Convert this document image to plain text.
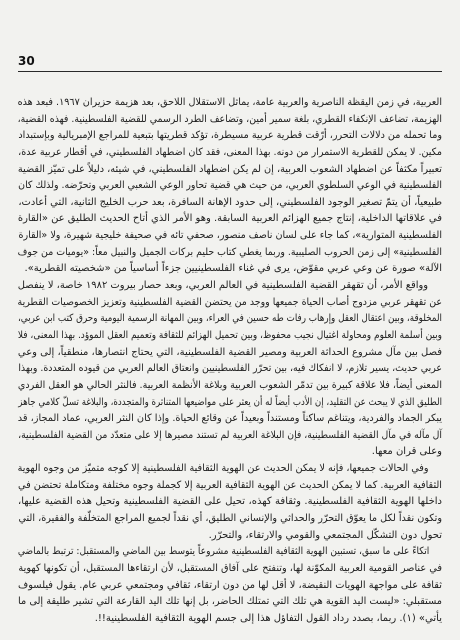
30
العربية، في زمن اليقظة الناصرية والعربية عامة، يماثل الاستقلال اللاحق، بعد هزيمة حزيران ١٩٦٧. فبعد هذه
الهزيمة، تضاعف الإنكفاء القطري، بلغة سمير أمين، وتضاعف الطرد الرسمي للقضية الفلسطينية. فهذه القضية،
وما تحمله من دلالات التحرر، أرّقت قطرية عربية مسيطرة، تؤكد قطريتها بتبعية للمراجع الإمبريالية وبإستبداد
مكين. لا يمكن للقطرية الاستمرار من دونه. بهذا المعنى، فقد كان اضطهاد الفلسطيني، في أقطار عربية عدة،
تعبيراً مكثفاً عن اضطهاد الشعوب العربية، إن لم يكن اضطهاد الفلسطيني، في شيئه، دليلاً على تميّز القضية
الفلسطينية في الوعي السلطوي العربي، من حيث هي قضية تحاور الوعي الشعبي العربي وتحرّضه. ولذلك كان
طبيعياً، أن يتمّ تصغير الوجود الفلسطيني، إلى حدود الإهانة السافرة، بعد حرب الخليج الثانية، التي أعادت،
في علاقاتها الداخلية، إنتاج جميع الهزائم العربية السابقة. وهو الأمر الذي أتاح الحديث الطليق عن «القارة
الفلسطينية المتوارية»، كما جاء على لسان ناصف منصور، صحفي تائه في صحيفة خليجية شهيرة، ولا «القارة
الفلسطينية» إلى زمن الحروب الصليبية. وربما يغطي كتاب حليم بركات الجميل والنبيل معاً: «يوميات من جوف
الآلة» صورة عن وعي عربي مقوّض، يرى في غناء الفلسطينيين جزءاً أساسياً من «شخصيته القطرية».
وواقع الأمر، أن تقهقر القضية الفلسطينية في العالم العربي، وبعد حصار بيروت ١٩٨٢ خاصة، لا ينفصل
عن تقهقر عربي مزدوج أصاب الحياة جميعها ووجد من يحتضن القضية الفلسطينية وتعزيز الخصوصيات القطرية
المخلوقة، وبين اعتقال العقل وإرهاب رفات طه حسين في العراء، وبين المهانة الرسمية اليومية وحرق كتب ابن عربي،
وبين أسلمة العلوم ومحاولة اغتيال نجيب محفوظ، وبين تحميل الهزائم للثقافة وتعميم العقل الموؤد. بهذا المعنى، فلا
فصل بين مآل مشروع الحداثة العربية ومصير القضية الفلسطينية، التي يحتاج انتصارها، منطقياً، إلى وعي
عربي حديث، يسير تلازم، لا انفكاك فيه، بين تحرّر الفلسطينيين وانعتاق العالم العربي من قيوده المتعددة. وبهذا
المعنى أيضاً، فلا علاقة كبيرة بين تدمّر الشعوب العربية وبلاغة الأنظمة العربية. فالنثر الحالي هو العقل الفردي
الطليق الذي لا يبحث عن التقليد، إن الأدب أيضاً له أن يعثر على مواضيعها المتناثرة والمتجددة، والبلاغة تسلّ كلامي جاهز
يبكر الجماد والفردية، ويتناغم ساكناً ومستنداً وبعيداً عن وقائع الحياة. وإذا كان النثر العربي، عماد المجاز، قد
آل مآله في مآل القضية الفلسطينية، فإن البلاغة العربية لم تستند مصيرها إلا على متعدّد من القضية الفلسطينية،
وعلى قران معها.
وفي الحالات جميعها، فإنه لا يمكن الحديث عن الهوية الثقافية الفلسطينية إلا كوجه متميّز من وجوه الهوية
الثقافية العربية. كما لا يمكن الحديث عن الهوية الثقافية العربية إلا كجملة وجوه مختلفة ومتكاملة تحتضن في
داخلها الهوية الثقافية الفلسطينية. وثقافة كهذه، تحيل على القضية الفلسطينية وتحيل هذه القضية عليها،
وتكون نقداً لكل ما يعوّق التحرّر والحداثي والإنساني الطليق، أي نقداً لجميع المراجع المتخلّفة والفقيرة، التي
تحول دون التشكّل المجتمعي والقومي والارتقاء، والتحرّر.
اتكاءً على ما سبق، تستبين الهوية الثقافية الفلسطينية مشروعاً يتوسط بين الماضي والمستقبل: ترتبط بالماضي
في عناصر القومية العربية المكوّنة لها، وتنفتح على آفاق المستقبل، لأن ارتقاءها المستقبل، أن تكونها كهوية
ثقافة على مواجهة الهويات النقيضة، لا أقل لها من دون ارتقاء، ثقافي ومجتمعي عربي عام. يقول فيلسوف
مستقبلي: «ليست اليد القوية هي تلك التي تمتلك الحاضر، بل إنها تلك اليد القارعة التي تشير طليقة إلى ما
يأتي» (١). ربما، بصدد رداد القول التفاؤل هذا إلى جسم الهوية الثقافية الفلسطينية!!.
